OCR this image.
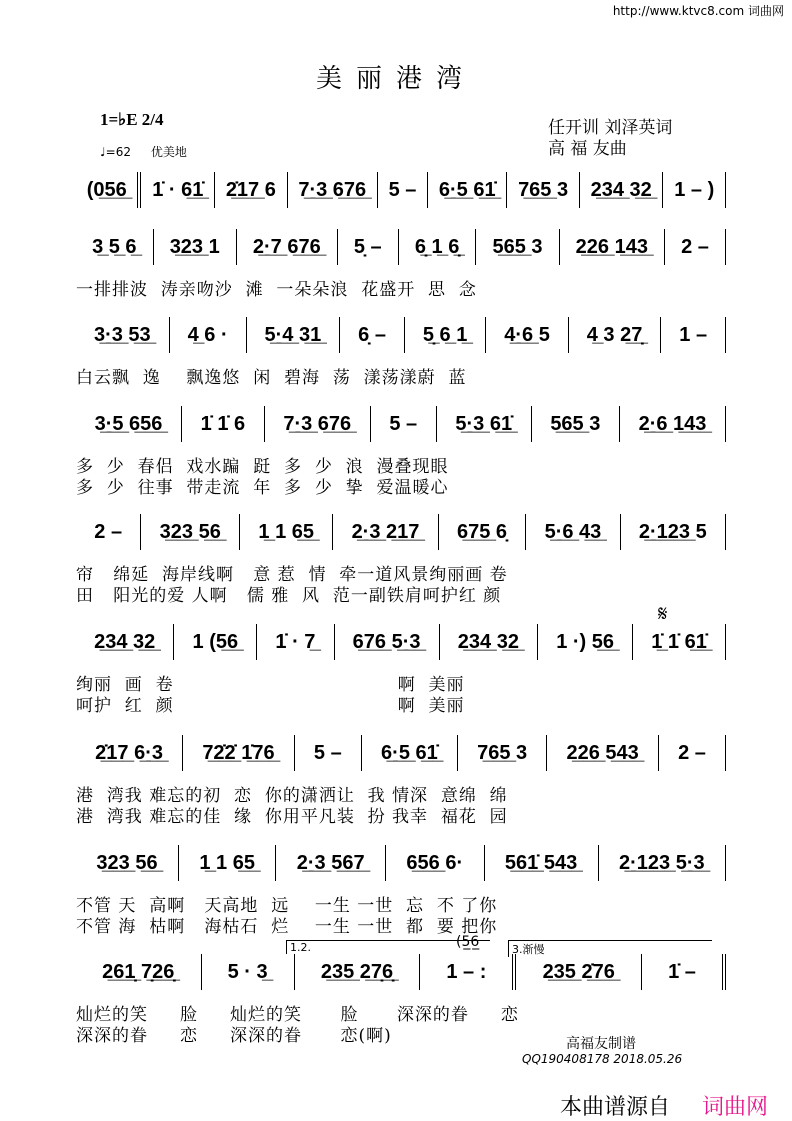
http://www.ktvc8.com 词曲网
美丽港湾
1=♭E 2/4
♩=62 优美地
任开训 刘泽英词
高 福 友曲
(0̲5̲6̲	1̇ · 6̲1̲̇	2̲̇1̲7̲ 6	7̲·̲3̲ 6̲7̲6̲	5 –	6̲·̲5̲ 6̲1̲̇	7̲6̲5̲ 3	2̲3̲4̲ 3̲2̲	1 – )
3̲ 5̲ 6̲	3̲2̲3̲ 1	2̲·̲7̲ 6̲7̲6̲	5̣ –	6̣̲ 1̲ 6̣̲	5̲6̲5̲ 3	2̲2̲6̲ 1̲4̲3̲	2 –
一排排波  涛亲吻沙  滩  一朵朵浪  花盛开  思  念
3̲·̲3̲ 5̲3̲	4̲ 6 ·	5̲·̲4̲ 3̲1̲	6̣ –	5̣̲ 6̲ 1̲	4̲·̲6̲ 5	4̲ 3 2̲7̣̲	1 –
白云飘  逸    飘逸悠  闲  碧海  荡  漾荡漾蔚  蓝
3̲·̲5̲ 6̲5̲6̲	1̇ 1̇ 6	7̲·̲3̲ 6̲7̲6̲	5 –	5̲·̲3̲ 6̲1̲̇	5̲6̲5̲ 3	2̲·̲6̲ 1̲4̲3̲
多  少  春侣  戏水蹁  跹  多  少  浪  漫叠现眼
多  少  往事  带走流  年  多  少  挚  爱温暖心
2 –	3̲2̲3̲ 5̲6̲	1̲ 1 6̲5̲	2̲·̲3̲ 2̲1̲7̲	6̲7̲5̲ 6̣	5̲·̲6̲ 4̲3̲	2̲·̲1̲2̲3̲ 5
帘   绵延  海岸线啊   意 惹  情  牵一道风景绚丽画 卷
田   阳光的爱 人啊   儒 雅  风  范一副铁肩呵护红 颜
2̲3̲4̲ 3̲2̲	1 (5̲6̲	1̇ · 7̲	6̲7̲6̲ 5̲·̲3̲	2̲3̲4̲ 3̲2̲	1 ·) 5̲6̲	1̲̇ 1̇ 6̲1̲̇
𝄋
绚丽  画  卷                                   啊  美丽
呵护  红  颜                                   啊  美丽
2̲̇1̲7̲ 6̲·̲3̲	7̲2̲̇2̲̇ 1̲̇7̲6̲	5 –	6̲·̲5̲ 6̲1̲̇	7̲6̲5̲ 3	2̲2̲6̲ 5̲4̲3̲	2 –
港  湾我 难忘的初  恋  你的潇洒让  我 情深  意绵  绵
港  湾我 难忘的佳  缘  你用平凡装  扮 我幸  福花  园
3̲2̲3̲ 5̲6̲	1̲ 1 6̲5̲	2̲·̲3̲ 5̲6̲7̲	6̲5̲6̲ 6·	5̲6̲1̲̇ 5̲4̲3̲	2̲·̲1̲2̲3̲ 5̲·̲3̲
不管 天  高啊   天高地  远    一生 一世  忘  不 了你
不管 海  枯啊   海枯石  烂    一生 一世  都  要 把你
2̲6̲1̣̲ 7̣̲2̲6̣̲	5 · 3̲	2̲3̲5̲ 2̲7̣̲6̣̲	1 – :	2̲3̲5̲ 2̲̇7̲6̲	1̇ –
1.2.	3.渐慢
(5̲6̲
灿烂的笑     脸     灿烂的笑      脸      深深的眷     恋
深深的眷     恋     深深的眷      恋(啊)	高福友制谱
QQ190408178 2018.05.26
本曲谱源自 词曲网
